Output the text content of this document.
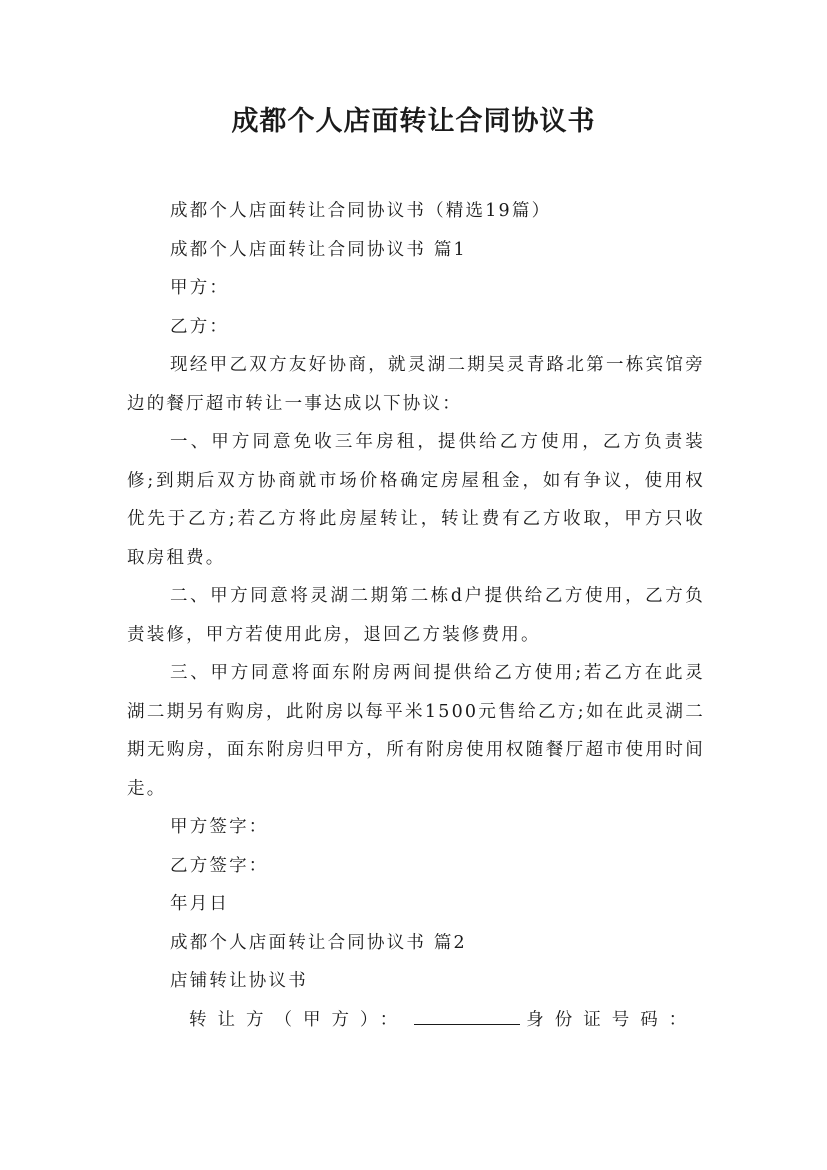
成都个人店面转让合同协议书

成都个人店面转让合同协议书（精选19篇）

成都个人店面转让合同协议书 篇1

甲方：

乙方：

现经甲乙双方友好协商，就灵湖二期吴灵青路北第一栋宾馆旁边的餐厅超市转让一事达成以下协议：

一、甲方同意免收三年房租，提供给乙方使用，乙方负责装修;到期后双方协商就市场价格确定房屋租金，如有争议，使用权优先于乙方;若乙方将此房屋转让，转让费有乙方收取，甲方只收取房租费。

二、甲方同意将灵湖二期第二栋d户提供给乙方使用，乙方负责装修，甲方若使用此房，退回乙方装修费用。

三、甲方同意将面东附房两间提供给乙方使用;若乙方在此灵湖二期另有购房，此附房以每平米1500元售给乙方;如在此灵湖二期无购房，面东附房归甲方，所有附房使用权随餐厅超市使用时间走。

甲方签字：

乙方签字：

年月日

成都个人店面转让合同协议书 篇2

店铺转让协议书

转让方（甲方）：	身份证号码：
